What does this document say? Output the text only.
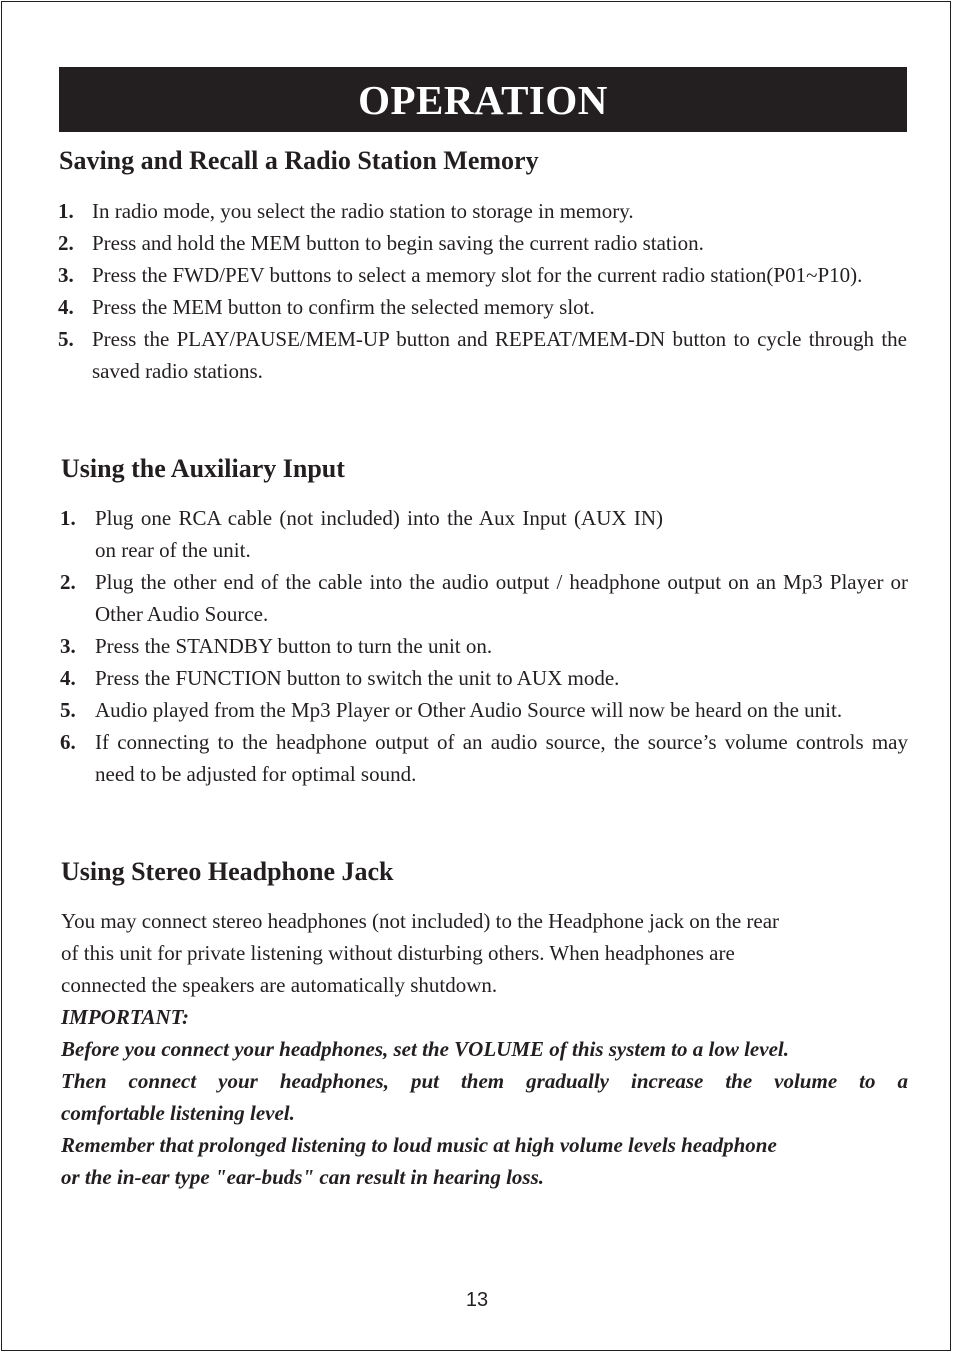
OPERATION
Saving and Recall a Radio Station Memory
1. In radio mode, you select the radio station to storage in memory.
2. Press and hold the MEM button to begin saving the current radio station.
3. Press the FWD/PEV buttons to select a memory slot for the current radio station(P01~P10).
4. Press the MEM button to confirm the selected memory slot.
5. Press the PLAY/PAUSE/MEM-UP button and REPEAT/MEM-DN button to cycle through the saved radio stations.
Using the Auxiliary Input
1. Plug one RCA cable (not included) into the Aux Input (AUX IN) on rear of the unit.
2. Plug the other end of the cable into the audio output / headphone output on an Mp3 Player or Other Audio Source.
3. Press the STANDBY button to turn the unit on.
4. Press the FUNCTION button to switch the unit to AUX mode.
5. Audio played from the Mp3 Player or Other Audio Source will now be heard on the unit.
6. If connecting to the headphone output of an audio source, the source’s volume controls may need to be adjusted for optimal sound.
Using Stereo Headphone Jack

You may connect stereo headphones (not included) to the Headphone jack on the rear
of this unit for private listening without disturbing others. When headphones are
connected the speakers are automatically shutdown.

IMPORTANT:

Before you connect your headphones, set the VOLUME of this system to a low level.
Then connect your headphones, put them gradually increase the volume to a
comfortable listening level.
Remember that prolonged listening to loud music at high volume levels headphone
or the in-ear type "ear-buds" can result in hearing loss.

13
